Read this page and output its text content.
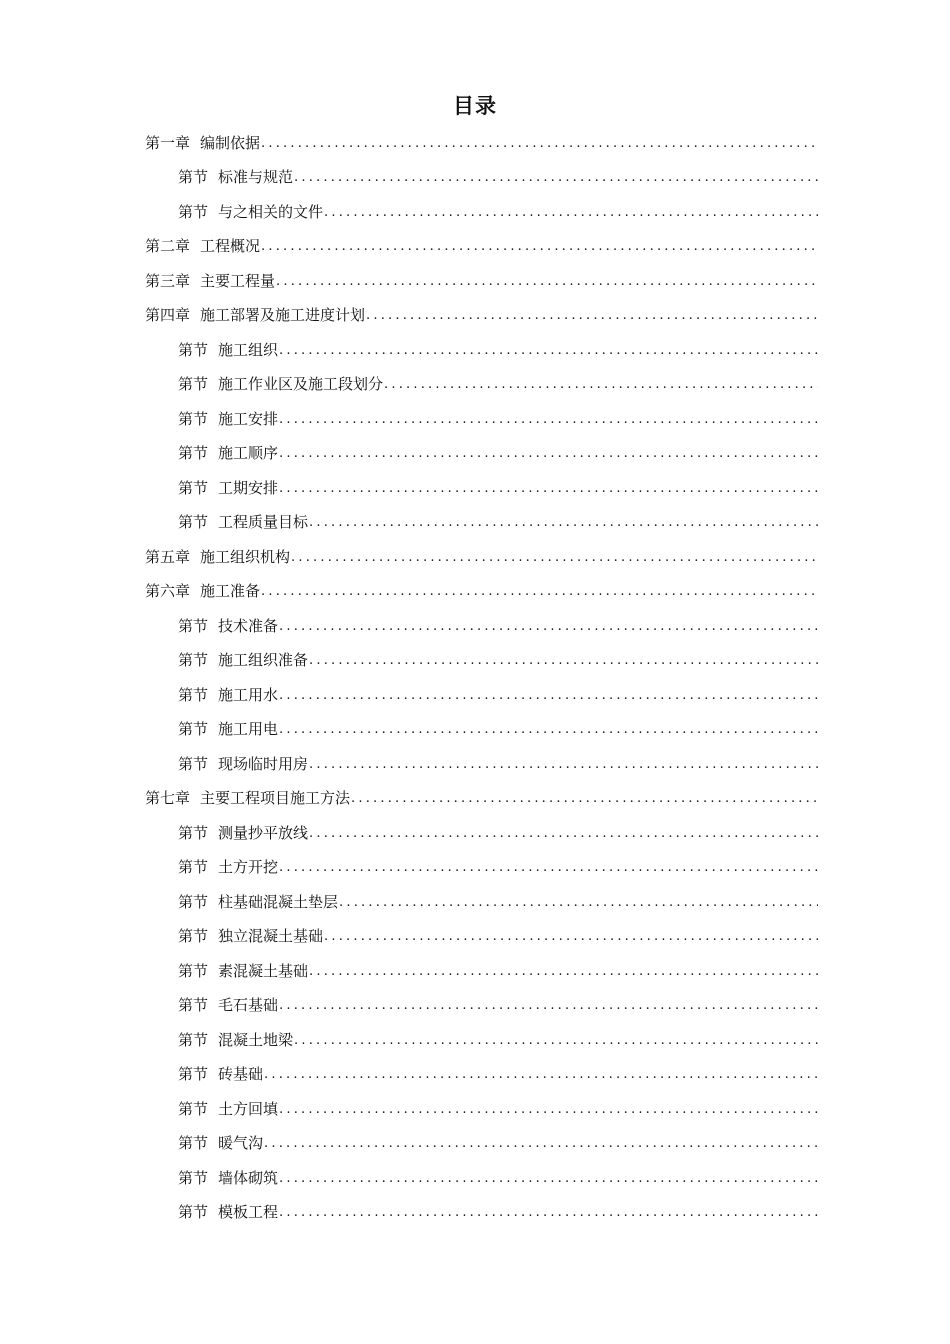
目录
第一章 编制依据
.....
第节 标准与规范
.....
第节 与之相关的文件
.....
第二章 工程概况
.....
第三章 主要工程量
.....
第四章 施工部署及施工进度计划
.....
第节 施工组织
.....
第节 施工作业区及施工段划分
.....
第节 施工安排
.....
第节 施工顺序
.....
第节 工期安排
.....
第节 工程质量目标
.....
第五章 施工组织机构
.....
第六章 施工准备
.....
第节 技术准备
.....
第节 施工组织准备
.....
第节 施工用水
.....
第节 施工用电
.....
第节 现场临时用房
.....
第七章 主要工程项目施工方法
.....
第节 测量抄平放线
.....
第节 土方开挖
.....
第节 柱基础混凝土垫层
.....
第节 独立混凝土基础
.....
第节 素混凝土基础
.....
第节 毛石基础
.....
第节 混凝土地梁
.....
第节 砖基础
.....
第节 土方回填
.....
第节 暖气沟
.....
第节 墙体砌筑
.....
第节 模板工程
.....
